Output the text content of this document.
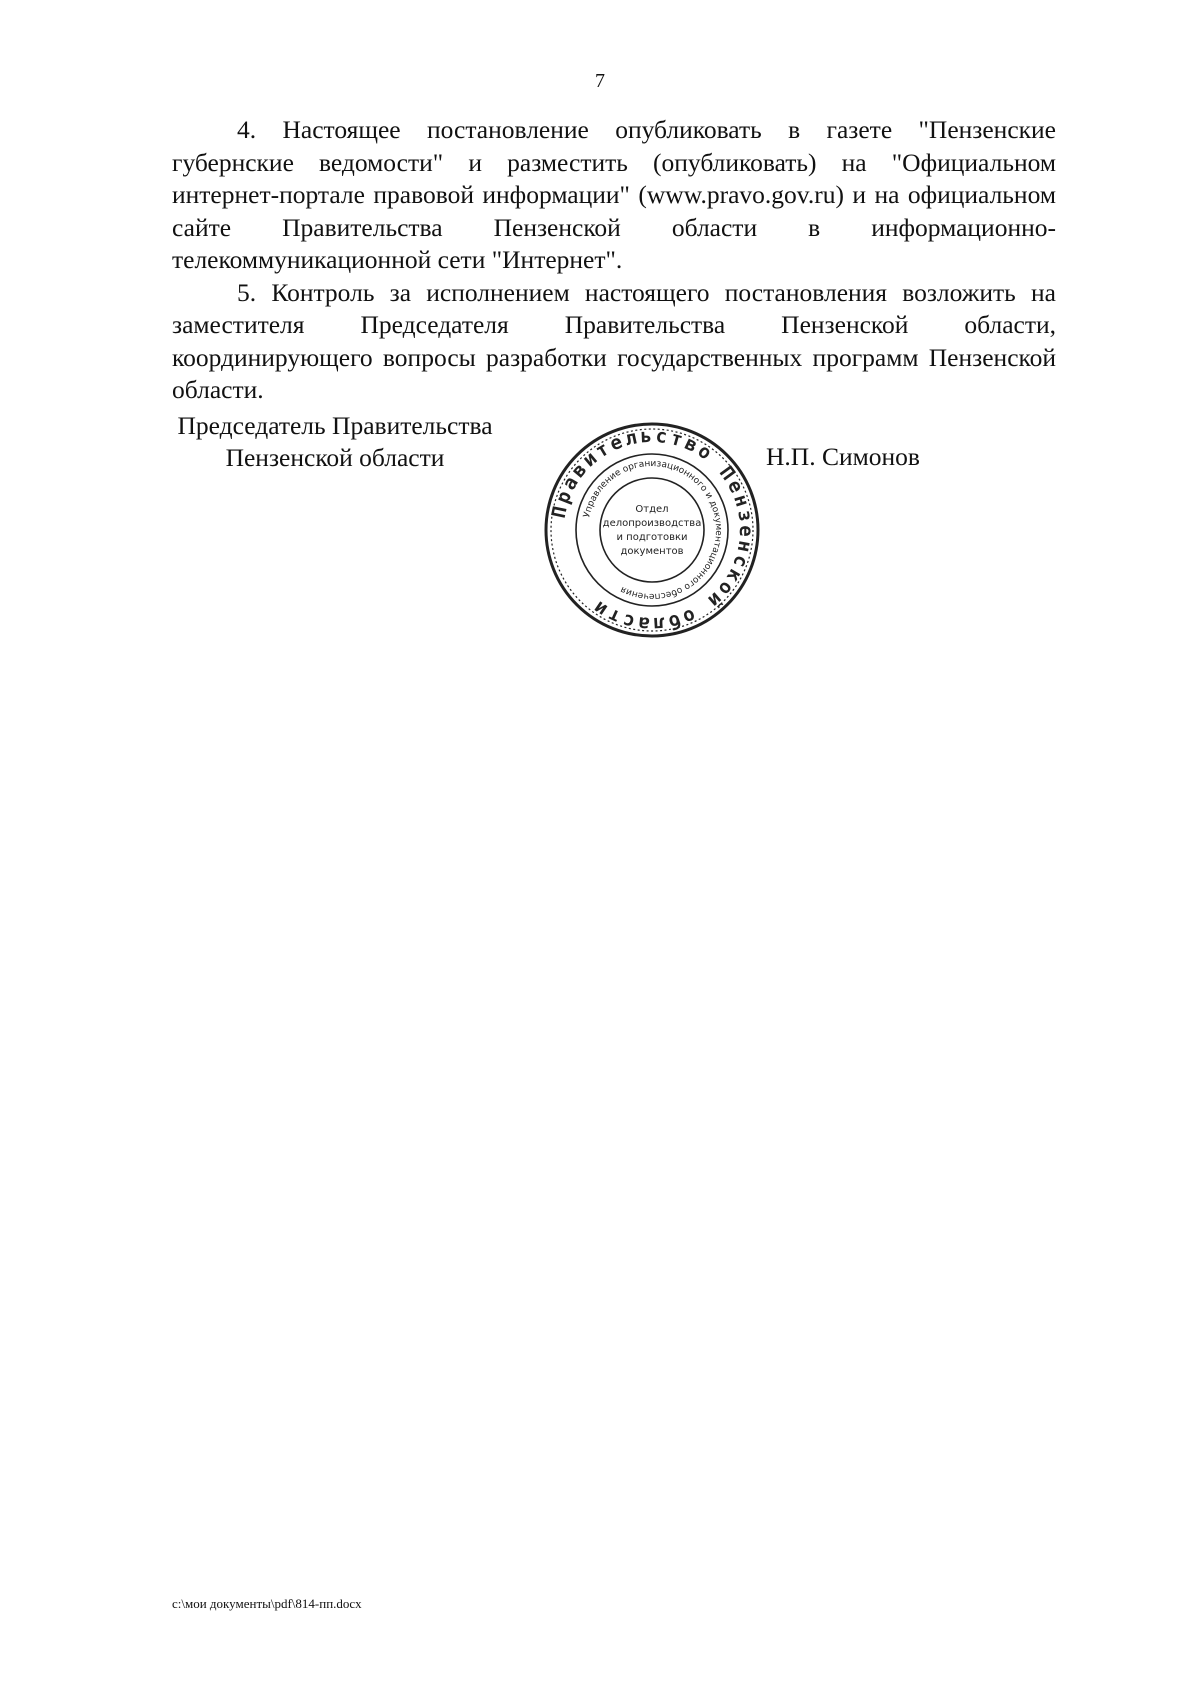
7

4. Настоящее постановление опубликовать в газете "Пензенские губернские ведомости" и разместить (опубликовать) на "Официальном интернет-портале правовой информации" (www.pravo.gov.ru) и на официальном сайте Правительства Пензенской области в информационно-телекоммуникационной сети "Интернет".

5. Контроль за исполнением настоящего постановления возложить на заместителя Председателя Правительства Пензенской области, координирующего вопросы разработки государственных программ Пензенской области.

Председатель Правительства
Пензенской области
Правительство Пензенской области
Управление организационного и документационного обеспечения
Отдел
делопроизводства
и подготовки
документов
Н.П. Симонов
c:\мои документы\pdf\814-пп.docx
